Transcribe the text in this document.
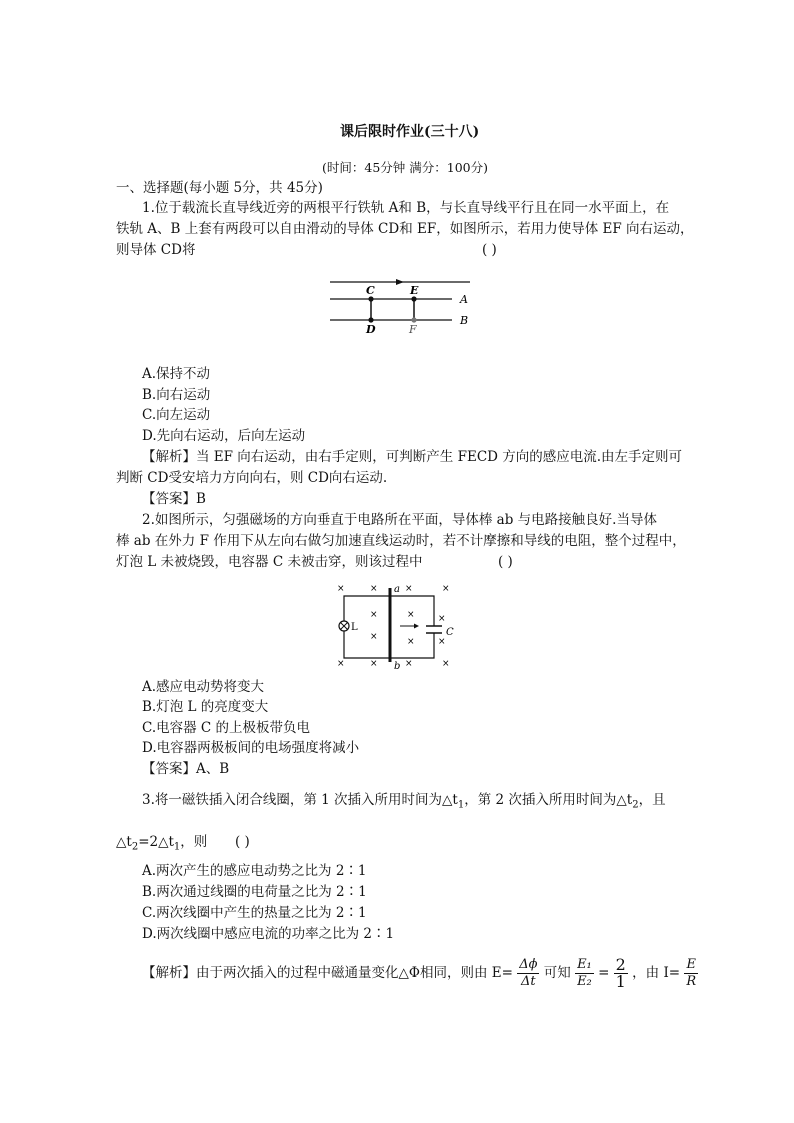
课后限时作业(三十八)
(时间：45分钟 满分：100分)
一、选择题(每小题 5分，共 45分)
1.位于载流长直导线近旁的两根平行铁轨 A和 B，与长直导线平行且在同一水平面上，在
铁轨 A、B 上套有两段可以自由滑动的导体 CD和 EF，如图所示，若用力使导体 EF 向右运动，
则导体 CD将	( )
C	E
A
D	F
B
A.保持不动
B.向右运动
C.向左运动
D.先向右运动，后向左运动
【解析】当 EF 向右运动，由右手定则，可判断产生 FECD 方向的感应电流.由左手定则可
判断 CD受安培力方向向右，则 CD向右运动.
【答案】B
2.如图所示，匀强磁场的方向垂直于电路所在平面，导体棒 ab 与电路接触良好.当导体
棒 ab 在外力 F 作用下从左向右做匀加速直线运动时，若不计摩擦和导线的电阻，整个过程中，
灯泡 L 未被烧毁，电容器 C 未被击穿，则该过程中	( )
a
b
L	C
×	×	×	×
×	×
×	×
×
×
×	×	×	×
A.感应电动势将变大
B.灯泡 L 的亮度变大
C.电容器 C 的上极板带负电
D.电容器两极板间的电场强度将减小
【答案】A、B
3.将一磁铁插入闭合线圈，第 1 次插入所用时间为$\triangle t_1$，第 2 次插入所用时间为$\triangle t_2$，且
$\triangle t_2=2\triangle t_1$，则 ( )
A.两次产生的感应电动势之比为 2∶1
B.两次通过线圈的电荷量之比为 2∶1
C.两次线圈中产生的热量之比为 2∶1
D.两次线圈中感应电流的功率之比为 2∶1
【解析】由于两次插入的过程中磁通量变化△Φ相同，则由 $E= \frac{\Delta\phi}{\Delta t}$ 可知 $\frac{\text{E₁}}{\text{E₂}} = \frac{2}{1}$ ，由 $I= \frac{E}{R}$
